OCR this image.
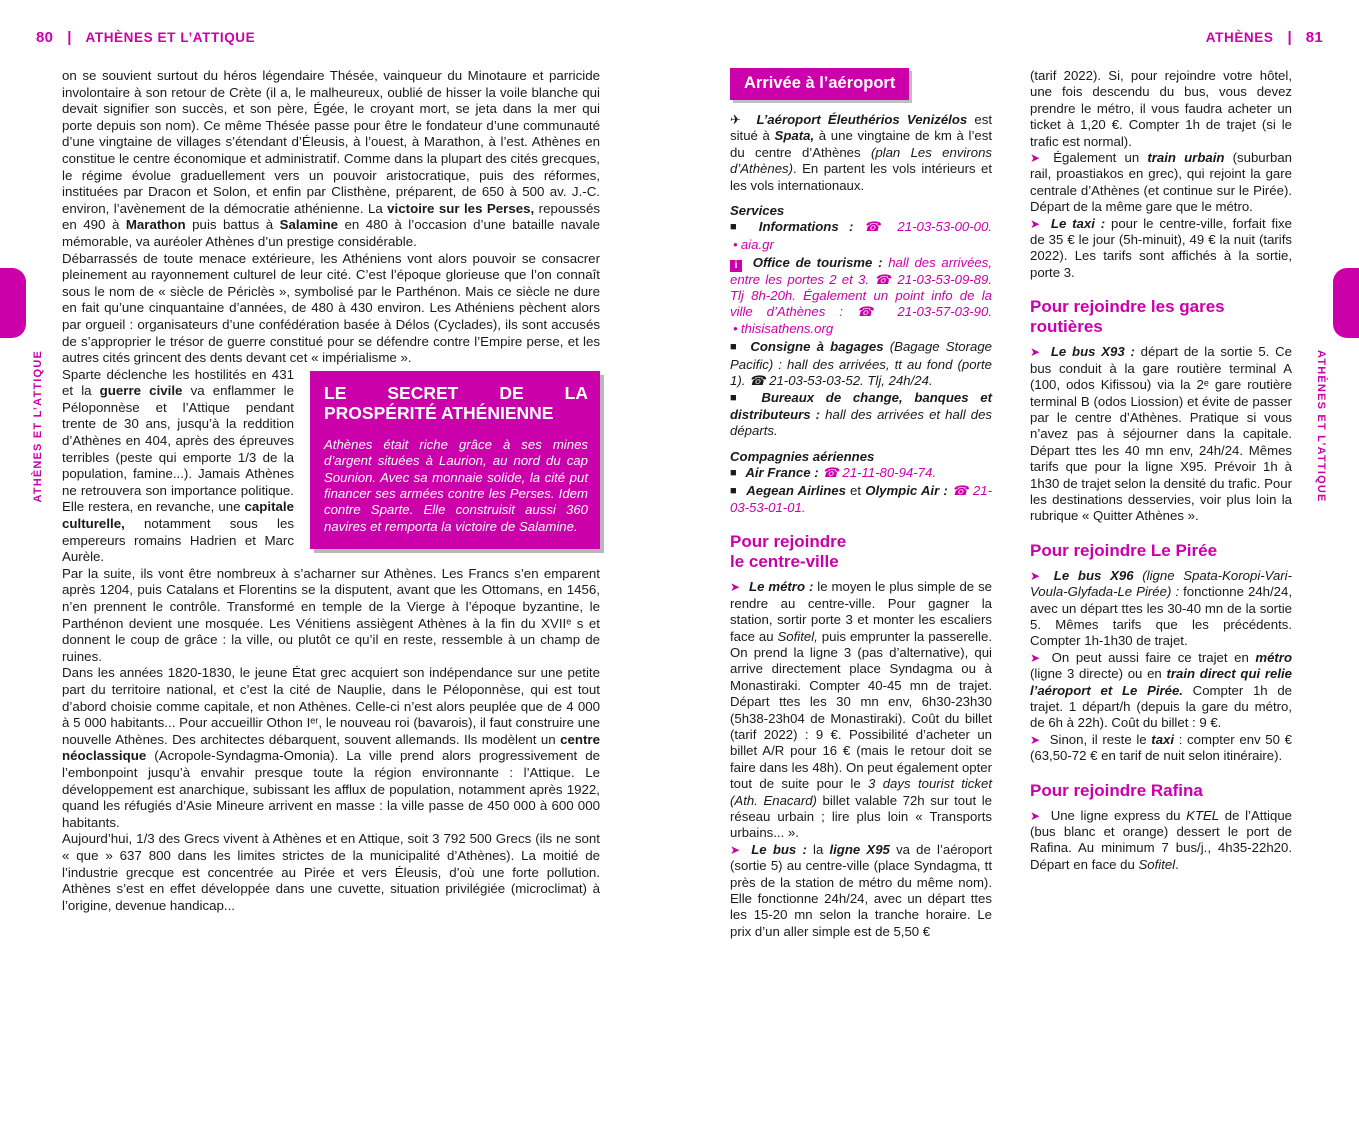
80 | ATHÈNES ET L’ATTIQUE	ATHÈNES | 81
ATHÈNES ET L’ATTIQUE	ATHÈNES ET L’ATTIQUE

on se souvient surtout du héros légendaire Thésée, vainqueur du Minotaure et parricide involontaire à son retour de Crète (il a, le malheureux, oublié de hisser la voile blanche qui devait signifier son succès, et son père, Égée, le croyant mort, se jeta dans la mer qui porte depuis son nom). Ce même Thésée passe pour être le fondateur d’une communauté d’une vingtaine de villages s’étendant d’Éleusis, à l’ouest, à Marathon, à l’est. Athènes en constitue le centre économique et administratif. Comme dans la plupart des cités grecques, le régime évolue graduellement vers un pouvoir aristocratique, puis des réformes, instituées par Dracon et Solon, et enfin par Clisthène, préparent, de 650 à 500 av. J.-C. environ, l’avènement de la démocratie athénienne. La victoire sur les Perses, repoussés en 490 à Marathon puis battus à Salamine en 480 à l’occasion d’une bataille navale mémorable, va auréoler Athènes d’un prestige considérable.

Débarrassés de toute menace extérieure, les Athéniens vont alors pouvoir se consacrer pleinement au rayonnement culturel de leur cité. C’est l’époque glorieuse que l’on connaît sous le nom de « siècle de Périclès », symbolisé par le Parthénon. Mais ce siècle ne dure en fait qu’une cinquantaine d’années, de 480 à 430 environ. Les Athéniens pèchent alors par orgueil : organisateurs d’une confédération basée à Délos (Cyclades), ils sont accusés de s’approprier le trésor de guerre constitué pour se défendre contre l’Empire perse, et les autres cités grincent des dents devant cet « impérialisme ».

LE SECRET DE LA PROSPÉRITÉ ATHÉNIENNE
Athènes était riche grâce à ses mines d’argent situées à Laurion, au nord du cap Sounion. Avec sa monnaie solide, la cité put financer ses armées contre les Perses. Idem contre Sparte. Elle construisit aussi 360 navires et remporta la victoire de Salamine.

Sparte déclenche les hostilités en 431 et la guerre civile va enflammer le Péloponnèse et l’Attique pendant trente de 30 ans, jusqu’à la reddition d’Athènes en 404, après des épreuves terribles (peste qui emporte 1/3 de la population, famine...). Jamais Athènes ne retrouvera son importance politique. Elle restera, en revanche, une capitale culturelle, notamment sous les empereurs romains Hadrien et Marc Aurèle.

Par la suite, ils vont être nombreux à s’acharner sur Athènes. Les Francs s’en emparent après 1204, puis Catalans et Florentins se la disputent, avant que les Ottomans, en 1456, n’en prennent le contrôle. Transformé en temple de la Vierge à l’époque byzantine, le Parthénon devient une mosquée. Les Vénitiens assiègent Athènes à la fin du XVIIᵉ s et donnent le coup de grâce : la ville, ou plutôt ce qu’il en reste, ressemble à un champ de ruines.

Dans les années 1820-1830, le jeune État grec acquiert son indépendance sur une petite part du territoire national, et c’est la cité de Nauplie, dans le Péloponnèse, qui est tout d’abord choisie comme capitale, et non Athènes. Celle-ci n’est alors peuplée que de 4 000 à 5 000 habitants... Pour accueillir Othon Iᵉʳ, le nouveau roi (bavarois), il faut construire une nouvelle Athènes. Des architectes débarquent, souvent allemands. Ils modèlent un centre néoclassique (Acropole-Syndagma-Omonia). La ville prend alors progressivement de l’embonpoint jusqu’à envahir presque toute la région environnante : l’Attique. Le développement est anarchique, subissant les afflux de population, notamment après 1922, quand les réfugiés d’Asie Mineure arrivent en masse : la ville passe de 450 000 à 600 000 habitants.

Aujourd’hui, 1/3 des Grecs vivent à Athènes et en Attique, soit 3 792 500 Grecs (ils ne sont « que » 637 800 dans les limites strictes de la municipalité d’Athènes). La moitié de l’industrie grecque est concentrée au Pirée et vers Éleusis, d’où une forte pollution. Athènes s’est en effet développée dans une cuvette, situation privilégiée (microclimat) à l’origine, devenue handicap...

Arrivée à l’aéroport

✈ L’aéroport Éleuthérios Venizélos est situé à Spata, à une vingtaine de km à l’est du centre d’Athènes (plan Les environs d’Athènes). En partent les vols intérieurs et les vols internationaux.

Services

■ Informations : ☎ 21-03-53-00-00. ● aia.gr

i Office de tourisme : hall des arrivées, entre les portes 2 et 3. ☎ 21-03-53-09-89. Tlj 8h-20h. Également un point info de la ville d’Athènes : ☎ 21-03-57-03-90. ● thisisathens.org

■ Consigne à bagages (Bagage Storage Pacific) : hall des arrivées, tt au fond (porte 1). ☎ 21-03-53-03-52. Tlj, 24h/24.

■ Bureaux de change, banques et distributeurs : hall des arrivées et hall des départs.

Compagnies aériennes

■ Air France : ☎ 21-11-80-94-74.

■ Aegean Airlines et Olympic Air : ☎ 21-03-53-01-01.

Pour rejoindre
le centre-ville

➤ Le métro : le moyen le plus simple de se rendre au centre-ville. Pour gagner la station, sortir porte 3 et monter les escaliers face au Sofitel, puis emprunter la passerelle. On prend la ligne 3 (pas d’alternative), qui arrive directement place Syndagma ou à Monastiraki. Compter 40-45 mn de trajet. Départ ttes les 30 mn env, 6h30-23h30 (5h38-23h04 de Monastiraki). Coût du billet (tarif 2022) : 9 €. Possibilité d’acheter un billet A/R pour 16 € (mais le retour doit se faire dans les 48h). On peut également opter tout de suite pour le 3 days tourist ticket (Ath. Enacard) billet valable 72h sur tout le réseau urbain ; lire plus loin « Transports urbains... ».

➤ Le bus : la ligne X95 va de l’aéroport (sortie 5) au centre-ville (place Syndagma, tt près de la station de métro du même nom). Elle fonctionne 24h/24, avec un départ ttes les 15-20 mn selon la tranche horaire. Le prix d’un aller simple est de 5,50 €

(tarif 2022). Si, pour rejoindre votre hôtel, une fois descendu du bus, vous devez prendre le métro, il vous faudra acheter un ticket à 1,20 €. Compter 1h de trajet (si le trafic est normal).

➤ Également un train urbain (suburban rail, proastiakos en grec), qui rejoint la gare centrale d’Athènes (et continue sur le Pirée). Départ de la même gare que le métro.

➤ Le taxi : pour le centre-ville, forfait fixe de 35 € le jour (5h-minuit), 49 € la nuit (tarifs 2022). Les tarifs sont affichés à la sortie, porte 3.

Pour rejoindre les gares
routières

➤ Le bus X93 : départ de la sortie 5. Ce bus conduit à la gare routière terminal A (100, odos Kifissou) via la 2ᵉ gare routière terminal B (odos Liossion) et évite de passer par le centre d’Athènes. Pratique si vous n’avez pas à séjourner dans la capitale. Départ ttes les 40 mn env, 24h/24. Mêmes tarifs que pour la ligne X95. Prévoir 1h à 1h30 de trajet selon la densité du trafic. Pour les destinations desservies, voir plus loin la rubrique « Quitter Athènes ».

Pour rejoindre Le Pirée

➤ Le bus X96 (ligne Spata-Koropi-Vari-Voula-Glyfada-Le Pirée) : fonctionne 24h/24, avec un départ ttes les 30-40 mn de la sortie 5. Mêmes tarifs que les précédents. Compter 1h-1h30 de trajet.

➤ On peut aussi faire ce trajet en métro (ligne 3 directe) ou en train direct qui relie l’aéroport et Le Pirée. Compter 1h de trajet. 1 départ/h (depuis la gare du métro, de 6h à 22h). Coût du billet : 9 €.

➤ Sinon, il reste le taxi : compter env 50 € (63,50-72 € en tarif de nuit selon itinéraire).

Pour rejoindre Rafina

➤ Une ligne express du KTEL de l’Attique (bus blanc et orange) dessert le port de Rafina. Au minimum 7 bus/j., 4h35-22h20. Départ en face du Sofitel.
